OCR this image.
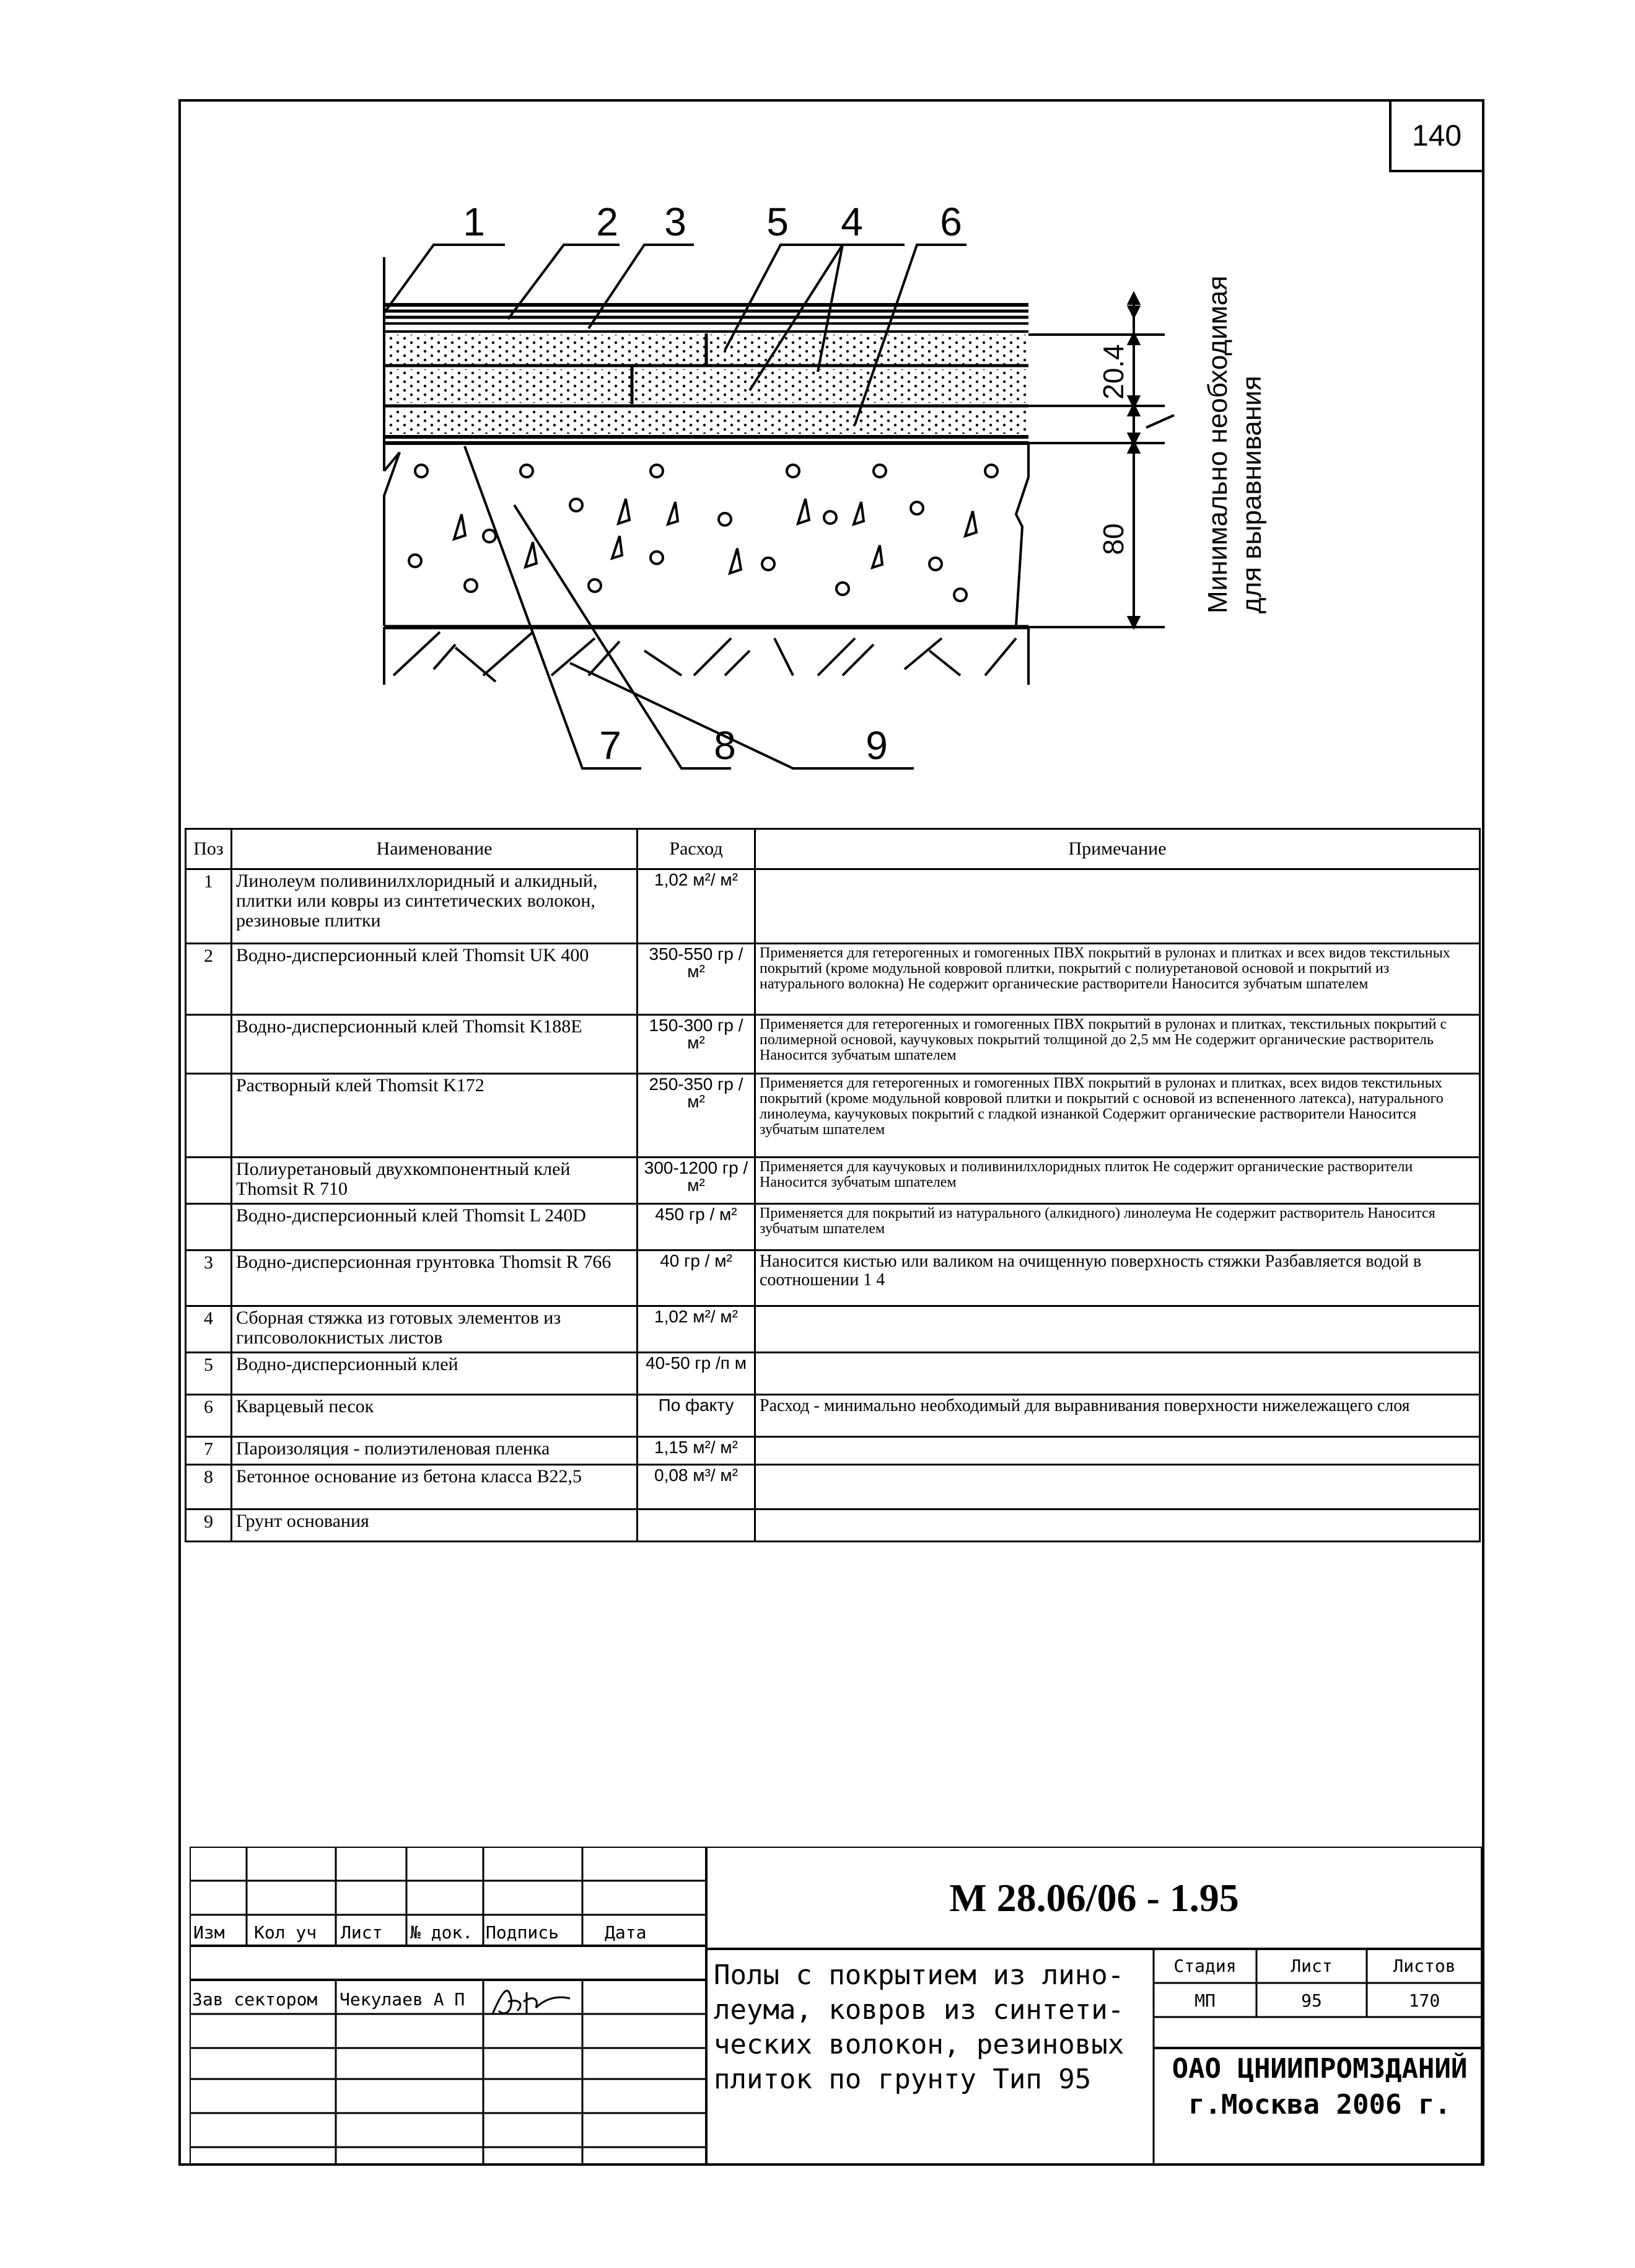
140
1	2 3 5 4 6
7 8	9
20.4
80	Минимально необходимая для выравнивания
Поз	Наименование	Расход	Примечание
1	Линолеум поливинилхлоридный и алкидный, плитки или ковры из синтетических волокон, резиновые плитки	1,02 м²/ м²	
2	Водно-дисперсионный клей Thomsit UK 400	350-550 гр / м²	Применяется для гетерогенных и гомогенных ПВХ покрытий в рулонах и плитках и всех видов текстильных покрытий (кроме модульной ковровой плитки, покрытий с полиуретановой основой и покрытий из натурального волокна) Не содержит органические растворители Наносится зубчатым шпателем
	Водно-дисперсионный клей Thomsit K188E	150-300 гр / м²	Применяется для гетерогенных и гомогенных ПВХ покрытий в рулонах и плитках, текстильных покрытий с полимерной основой, каучуковых покрытий толщиной до 2,5 мм Не содержит органические растворитель Наносится зубчатым шпателем
	Растворный клей Thomsit K172	250-350 гр / м²	Применяется для гетерогенных и гомогенных ПВХ покрытий в рулонах и плитках, всех видов текстильных покрытий (кроме модульной ковровой плитки и покрытий с основой из вспененного латекса), натурального линолеума, каучуковых покрытий с гладкой изнанкой Содержит органические растворители Наносится зубчатым шпателем
	Полиуретановый двухкомпонентный клей Thomsit R 710	300-1200 гр / м²	Применяется для каучуковых и поливинилхлоридных плиток Не содержит органические растворители Наносится зубчатым шпателем
	Водно-дисперсионный клей Thomsit L 240D	450 гр / м²	Применяется для покрытий из натурального (алкидного) линолеума Не содержит растворитель Наносится зубчатым шпателем
3	Водно-дисперсионная грунтовка Thomsit R 766	40 гр / м²	Наносится кистью или валиком на очищенную поверхность стяжки Разбавляется водой в соотношении 1 4
4	Сборная стяжка из готовых элементов из гипсоволокнистых листов	1,02 м²/ м²	
5	Водно-дисперсионный клей	40-50 гр /п м	
6	Кварцевый песок	По факту	Расход - минимально необходимый для выравнивания поверхности нижележащего слоя
7	Пароизоляция - полиэтиленовая пленка	1,15 м²/ м²	
8	Бетонное основание из бетона класса В22,5	0,08 м³/ м²	
9	Грунт основания		
Изм Кол уч Лист № док. Подпись	Дата
Зав сектором Чекулаев А П
М 28.06/06 - 1.95
Полы с покрытием из лино-
леума, ковров из синтети-
ческих волокон, резиновых
плиток по грунту Тип 95
Стадия	Лист	Листов
МП	95	170
ОАО ЦНИИПРОМЗДАНИЙ
г.Москва 2006 г.
